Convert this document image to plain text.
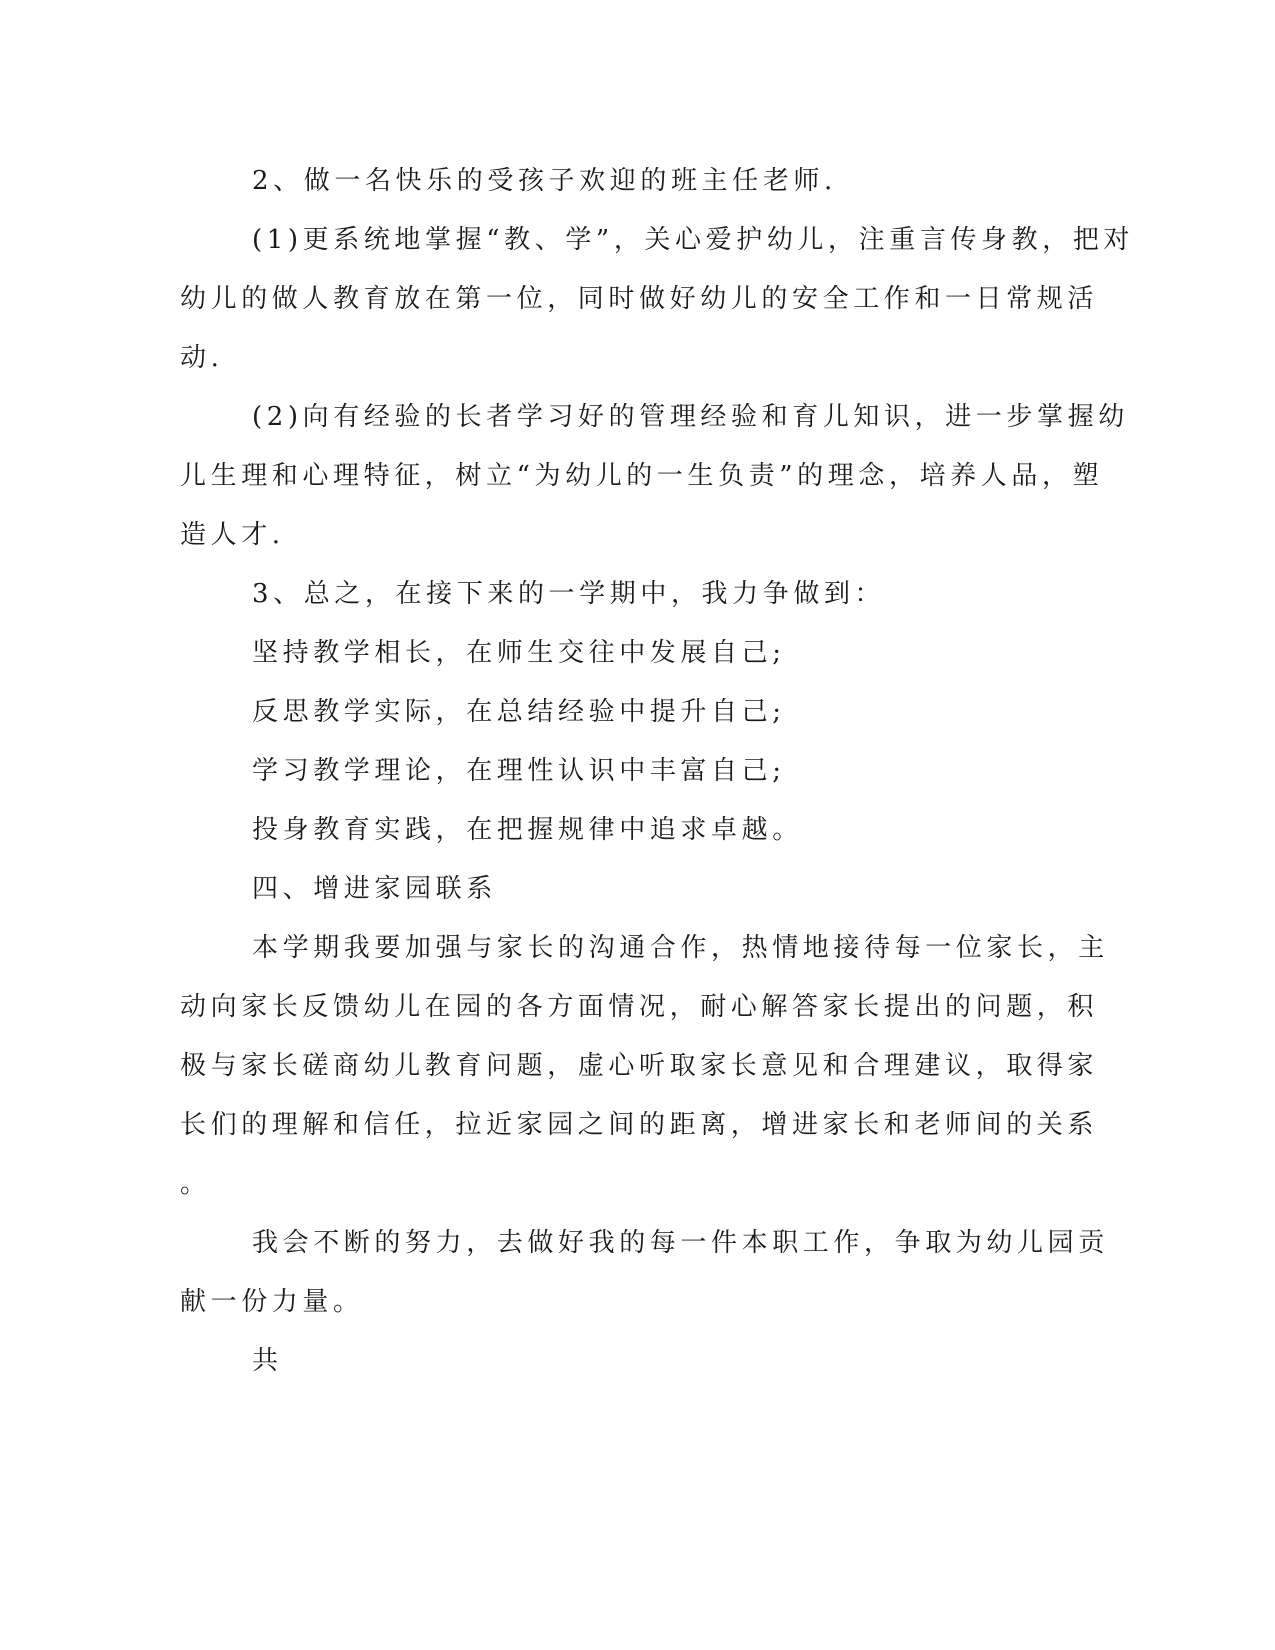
2、做一名快乐的受孩子欢迎的班主任老师.
(1)更系统地掌握“教、学”，关心爱护幼儿，注重言传身教，把对
幼儿的做人教育放在第一位，同时做好幼儿的安全工作和一日常规活
动.
(2)向有经验的长者学习好的管理经验和育儿知识，进一步掌握幼
儿生理和心理特征，树立“为幼儿的一生负责”的理念，培养人品，塑
造人才.
3、总之，在接下来的一学期中，我力争做到：
坚持教学相长，在师生交往中发展自己;
反思教学实际，在总结经验中提升自己;
学习教学理论，在理性认识中丰富自己;
投身教育实践，在把握规律中追求卓越。
四、增进家园联系
本学期我要加强与家长的沟通合作，热情地接待每一位家长，主
动向家长反馈幼儿在园的各方面情况，耐心解答家长提出的问题，积
极与家长磋商幼儿教育问题，虚心听取家长意见和合理建议，取得家
长们的理解和信任，拉近家园之间的距离，增进家长和老师间的关系
。
我会不断的努力，去做好我的每一件本职工作，争取为幼儿园贡
献一份力量。
共
